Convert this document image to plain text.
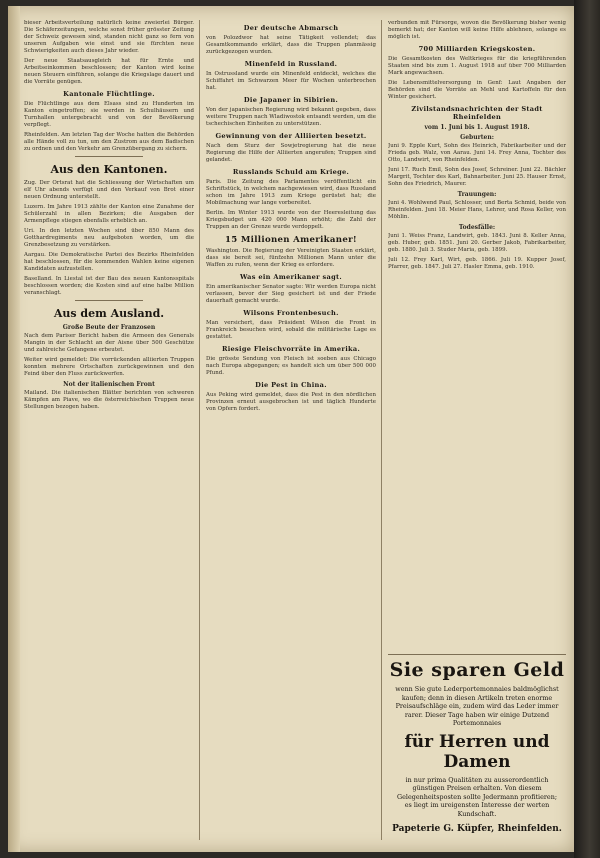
bieser Arbeitsverteilung natürlich keine zweierlei Bürger. Die Schäferzeitungen, welche sonst früher grösster Zeitung der Schweiz gewesen sind, standen nicht ganz so fern von unseren Aufgaben wie einst und sie fürchten neue Schwierigkeiten auch dieses Jahr wieder.

Der neue Staatsausgleich hat für Ernte und Arbeitseinkommen beschlossen; der Kanton wird keine neuen Steuern einführen, solange die Kriegslage dauert und die Vorräte genügen.

Kantonale Flüchtlinge.

Die Flüchtlinge aus dem Elsass sind zu Hunderten im Kanton eingetroffen; sie werden in Schulhäusern und Turnhallen untergebracht und von der Bevölkerung verpflegt.

Rheinfelden. Am letzten Tag der Woche hatten die Behörden alle Hände voll zu tun, um den Zustrom aus dem Badischen zu ordnen und den Verkehr am Grenzübergang zu sichern.

Aus den Kantonen.

Zug. Der Ortsrat hat die Schliessung der Wirtschaften um elf Uhr abends verfügt und den Verkauf von Brot einer neuen Ordnung unterstellt.

Luzern. Im Jahre 1913 zählte der Kanton eine Zunahme der Schülerzahl in allen Bezirken; die Ausgaben der Armenpflege stiegen ebenfalls erheblich an.

Uri. In den letzten Wochen sind über 850 Mann des Gotthardregiments neu aufgeboten worden, um die Grenzbesetzung zu verstärken.

Aargau. Die Demokratische Partei des Bezirks Rheinfelden hat beschlossen, für die kommenden Wahlen keine eigenen Kandidaten aufzustellen.

Baselland. In Liestal ist der Bau des neuen Kantonsspitals beschlossen worden; die Kosten sind auf eine halbe Million veranschlagt.

Aus dem Ausland.
Große Beute der Franzosen

Nach dem Pariser Bericht haben die Armeen des Generals Mangin in der Schlacht an der Aisne über 500 Geschütze und zahlreiche Gefangene erbeutet.

Weiter wird gemeldet: Die vorrückenden alliierten Truppen konnten mehrere Ortschaften zurückgewinnen und den Feind über den Fluss zurückwerfen.

Not der italienischen Front

Mailand. Die italienischen Blätter berichten von schweren Kämpfen am Piave, wo die österreichischen Truppen neue Stellungen bezogen haben.

Der deutsche Abmarsch

von Polozdwor hat seine Tätigkeit vollendet; das Gesamtkommando erklärt, dass die Truppen planmässig zurückgezogen wurden.

Minenfeld in Russland.

In Ostrussland wurde ein Minenfeld entdeckt, welches die Schiffahrt im Schwarzen Meer für Wochen unterbrochen hat.

Die Japaner in Sibirien.

Von der japanischen Regierung wird bekannt gegeben, dass weitere Truppen nach Wladiwostok entsandt werden, um die tschechischen Einheiten zu unterstützen.

Gewinnung von der Alliierten besetzt.

Nach dem Sturz der Sowjetregierung hat die neue Regierung die Hilfe der Alliierten angerufen; Truppen sind gelandet.

Russlands Schuld am Kriege.

Paris. Die Zeitung des Parlamentes veröffentlicht ein Schriftstück, in welchem nachgewiesen wird, dass Russland schon im Jahre 1913 zum Kriege gerüstet hat; die Mobilmachung war lange vorbereitet.

Berlin. Im Winter 1913 wurde von der Heeresleitung das Kriegsbudget um 420 000 Mann erhöht; die Zahl der Truppen an der Grenze wurde verdoppelt.

15 Millionen Amerikaner!

Washington. Die Regierung der Vereinigten Staaten erklärt, dass sie bereit sei, fünfzehn Millionen Mann unter die Waffen zu rufen, wenn der Krieg es erfordere.

Was ein Amerikaner sagt.

Ein amerikanischer Senator sagte: Wir werden Europa nicht verlassen, bevor der Sieg gesichert ist und der Friede dauerhaft gemacht wurde.

Wilsons Frontenbesuch.

Man versichert, dass Präsident Wilson die Front in Frankreich besuchen wird, sobald die militärische Lage es gestattet.

Riesige Fleischvorräte in Amerika.

Die grösste Sendung von Fleisch ist soeben aus Chicago nach Europa abgegangen; es handelt sich um über 500 000 Pfund.

Die Pest in China.

Aus Peking wird gemeldet, dass die Pest in den nördlichen Provinzen erneut ausgebrochen ist und täglich Hunderte von Opfern fordert.

verbunden mit Fürsorge, wovon die Bevölkerung bisher wenig bemerkt hat; der Kanton will keine Hilfe ablehnen, solange es möglich ist.

700 Milliarden Kriegskosten.

Die Gesamtkosten des Weltkrieges für die kriegführenden Staaten sind bis zum 1. August 1918 auf über 700 Milliarden Mark angewachsen.

Die Lebensmittelversorgung in Genf: Laut Angaben der Behörden sind die Vorräte an Mehl und Kartoffeln für den Winter gesichert.

Zivilstandsnachrichten der Stadt Rheinfelden
vom 1. Juni bis 1. August 1918.
Geburten:

Juni 9. Epple Kurt, Sohn des Heinrich, Fabrikarbeiter und der Frieda geb. Walz, von Aarau. Juni 14. Frey Anna, Tochter des Otto, Landwirt, von Rheinfelden.

Juni 17. Ruch Emil, Sohn des Josef, Schreiner. Juni 22. Bächler Margrit, Tochter des Karl, Bahnarbeiter. Juni 25. Hauser Ernst, Sohn des Friedrich, Maurer.

Trauungen:

Juni 4. Wohlwend Paul, Schlosser, und Berta Schmid, beide von Rheinfelden. Juni 18. Meier Hans, Lehrer, und Rosa Keller, von Möhlin.

Todesfälle:

Juni 1. Weiss Franz, Landwirt, geb. 1843. Juni 8. Keller Anna, geb. Huber, geb. 1851. Juni 20. Gerber Jakob, Fabrikarbeiter, geb. 1880. Juli 3. Studer Maria, geb. 1899.

Juli 12. Frey Karl, Wirt, geb. 1866. Juli 19. Kupper Josef, Pfarrer, geb. 1847. Juli 27. Hasler Emma, geb. 1910.

Sie sparen Geld
wenn Sie gute Lederportemonnaies baldmöglichst kaufen; denn in diesen Artikeln treten enorme Preisaufschläge ein, zudem wird das Leder immer rarer. Dieser Tage haben wir einige Dutzend Portemonnaies
für Herren und Damen
in nur prima Qualitäten zu ausserordentlich günstigen Preisen erhalten. Von diesem Gelegenheitsposten sollte Jedermann profitieren; es liegt im ureigensten Interesse der werten Kundschaft.
Papeterie G. Küpfer, Rheinfelden.
